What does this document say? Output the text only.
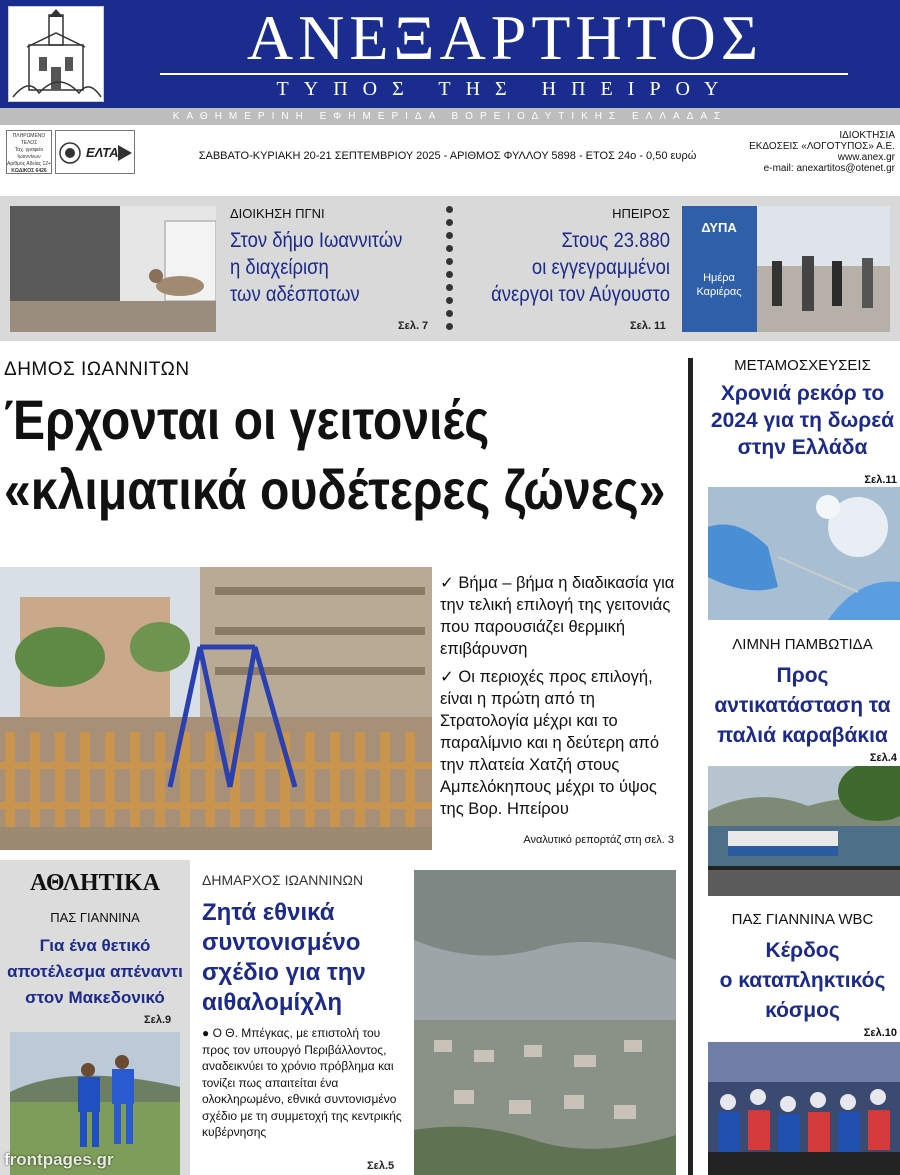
ΑΝΕΞΑΡΤΗΤΟΣ
ΤΥΠΟΣ ΤΗΣ ΗΠΕΙΡΟΥ
ΚΑΘΗΜΕΡΙΝΗ ΕΦΗΜΕΡΙΔΑ ΒΟΡΕΙΟΔΥΤΙΚΗΣ ΕΛΛΑΔΑΣ
ΠΛΗΡΩΜΕΝΟ ΤΕΛΟΣ
Ταχ. γραφείο Ιωαννίνων
Αριθμός Αδείας 12+
ΚΩΔΙΚΟΣ 6426
ΕΛΤΑ	ΣΑΒΒΑΤΟ-ΚΥΡΙΑΚΗ 20-21 ΣΕΠΤΕΜΒΡΙΟΥ 2025 - ΑΡΙΘΜΟΣ ΦΥΛΛΟΥ 5898 - ΕΤΟΣ 24ο - 0,50 ευρώ
ΙΔΙΟΚΤΗΣΙΑ
ΕΚΔΟΣΕΙΣ «ΛΟΓΟΤΥΠΟΣ» Α.Ε.
www.anex.gr
e-mail: anexartitos@otenet.gr
ΔΙΟΙΚΗΣΗ ΠΓΝΙ
Στον δήμο Ιωαννιτών
η διαχείριση
των αδέσποτων
Σελ. 7
ΗΠΕΙΡΟΣ
Στους 23.880
οι εγγεγραμμένοι
άνεργοι τον Αύγουστο
Σελ. 11
ΔΥΠΑ
Ημέρα
Καριέρας
ΔΗΜΟΣ ΙΩΑΝΝΙΤΩΝ
Έρχονται οι γειτονιές
«κλιματικά ουδέτερες ζώνες»

✓ Βήμα – βήμα η διαδικασία για την τελική επιλογή της γειτονιάς που παρουσιάζει θερμική επιβάρυνση

✓ Οι περιοχές προς επιλογή, είναι η πρώτη από τη Στρατολογία μέχρι και το παραλίμνιο και η δεύτερη από την πλατεία Χατζή στους Αμπελόκηπους μέχρι το ύψος της Βορ. Ηπείρου

Αναλυτικό ρεπορτάζ στη σελ. 3
ΜΕΤΑΜΟΣΧΕΥΣΕΙΣ
Χρονιά ρεκόρ το
2024 για τη δωρεά
στην Ελλάδα
Σελ.11
ΛΙΜΝΗ ΠΑΜΒΩΤΙΔΑ
Προς
αντικατάσταση τα
παλιά καραβάκια
Σελ.4
ΠΑΣ ΓΙΑΝΝΙΝΑ WBC
Κέρδος
ο καταπληκτικός
κόσμος
Σελ.10
ΑΘΛΗΤΙΚΑ
ΠΑΣ ΓΙΑΝΝΙΝΑ
Για ένα θετικό
αποτέλεσμα απέναντι
στον Μακεδονικό
Σελ.9
ΔΗΜΑΡΧΟΣ ΙΩΑΝΝΙΝΩΝ
Ζητά εθνικά
συντονισμένο
σχέδιο για την
αιθαλομίχλη
● Ο Θ. Μπέγκας, με επιστολή του προς τον υπουργό Περιβάλλοντος, αναδεικνύει το χρόνιο πρόβλημα και τονίζει πως απαιτείται ένα ολοκληρωμένο, εθνικά συντονισμένο σχέδιο με τη συμμετοχή της κεντρικής κυβέρνησης
Σελ.5
frontpages.gr
